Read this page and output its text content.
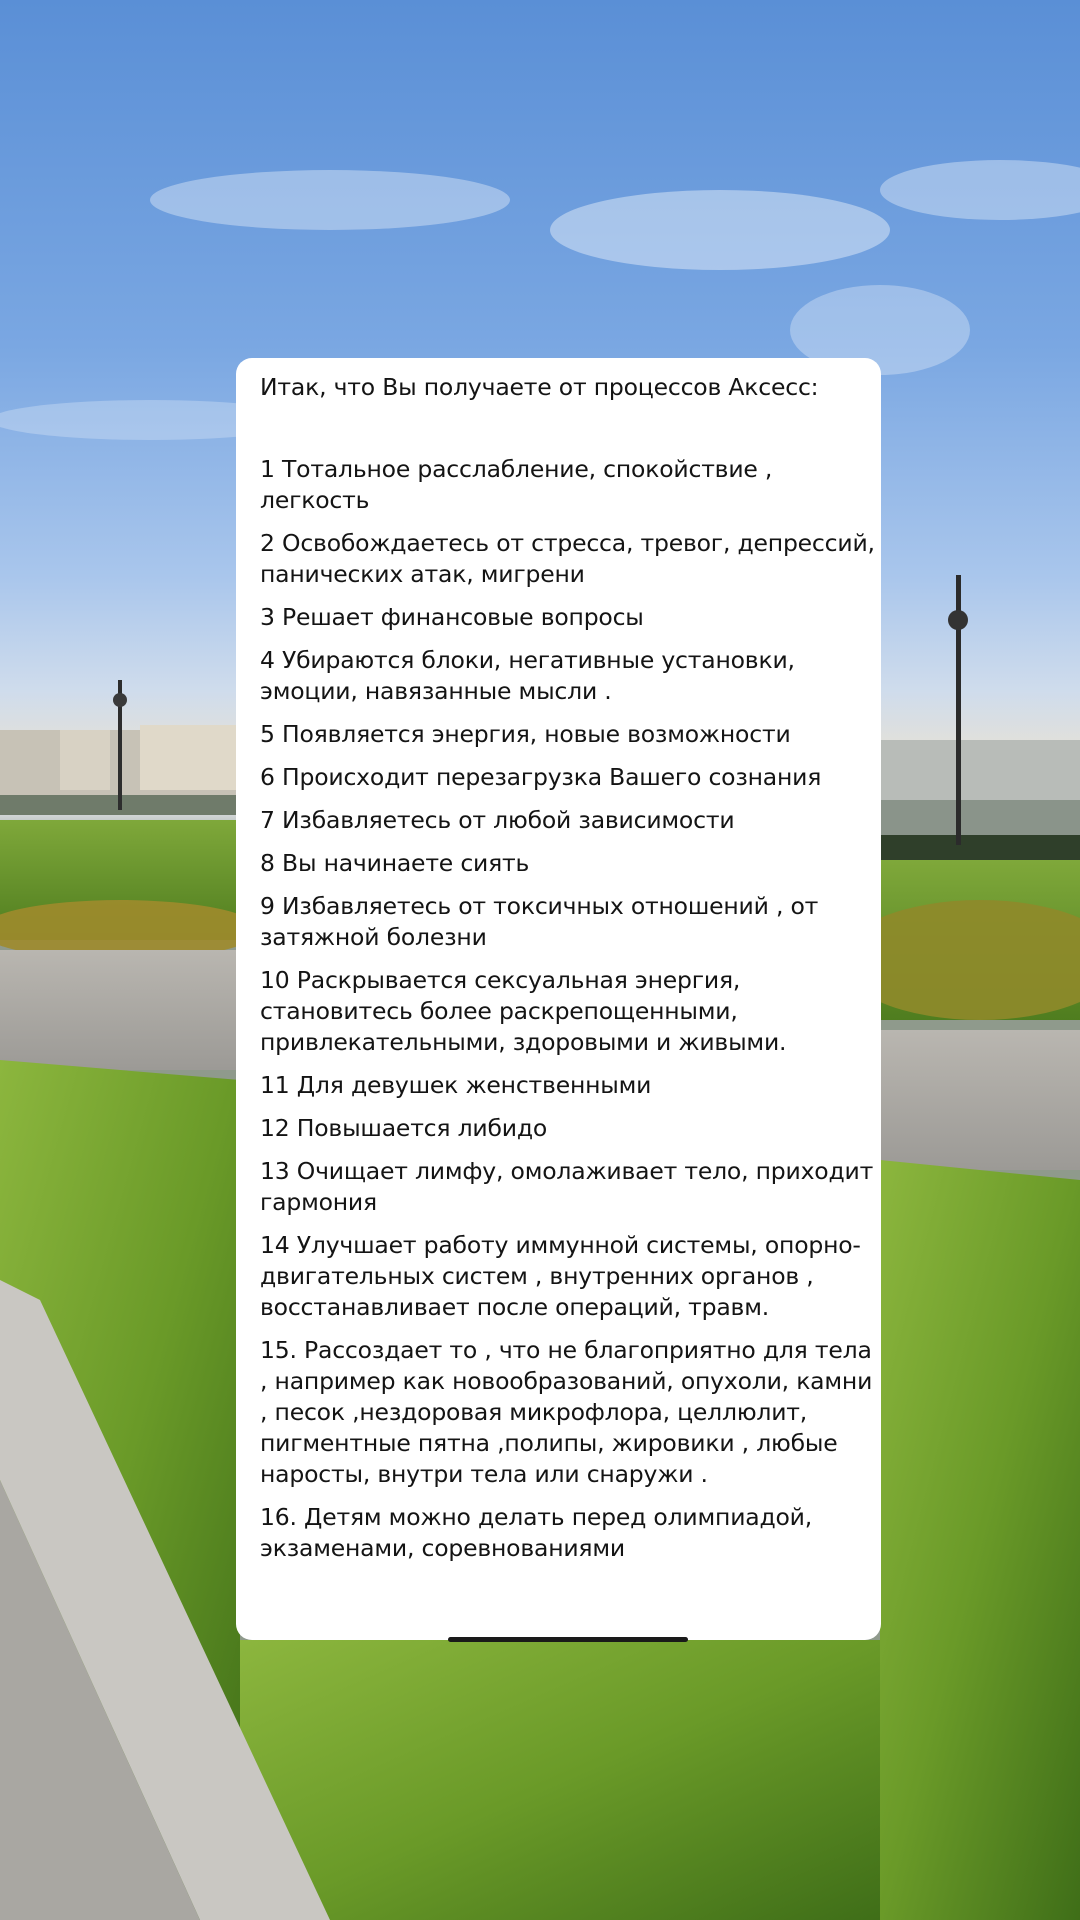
Итак, что Вы получаете от процессов Аксесс:
1 Тотальное расслабление, спокойствие , легкость
2 Освобождаетесь от стресса, тревог, депрессий, панических атак, мигрени
3 Решает финансовые вопросы
4 Убираются блоки, негативные установки, эмоции, навязанные мысли .
5 Появляется энергия, новые возможности
6 Происходит перезагрузка Вашего сознания
7 Избавляетесь от любой зависимости
8 Вы начинаете сиять
9 Избавляетесь от токсичных отношений , от затяжной болезни
10 Раскрывается сексуальная энергия, становитесь более раскрепощенными, привлекательными, здоровыми и живыми.
11 Для девушек женственными
12 Повышается либидо
13 Очищает лимфу, омолаживает тело, приходит гармония
14 Улучшает работу иммунной системы, опорно-двигательных систем , внутренних органов , восстанавливает после операций, травм.
15. Рассоздает то , что не благоприятно для тела , например как новообразований, опухоли, камни , песок ,нездоровая микрофлора, целлюлит, пигментные пятна ,полипы, жировики , любые наросты, внутри тела или снаружи .
16. Детям можно делать перед олимпиадой, экзаменами, соревнованиями
